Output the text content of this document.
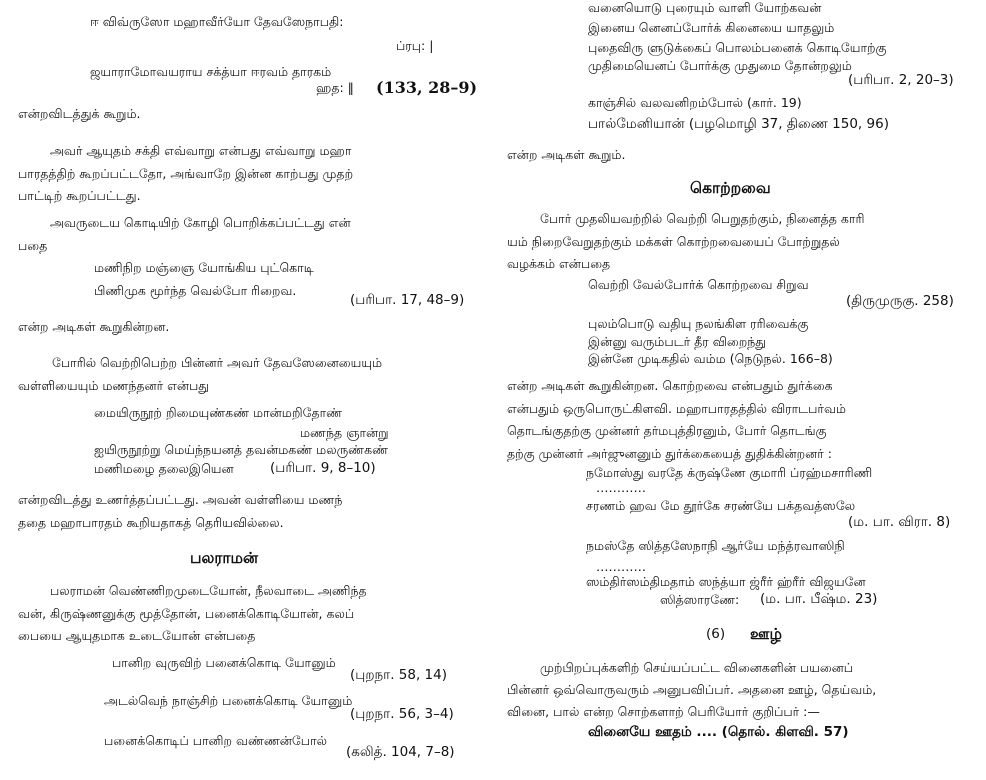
ஈ விவ்ருஸோ மஹாவீர்யோ தேவஸேநாபதி:
ப்ரபு: |
ஜயாராமோவயராய சக்த்யா ஈரவம் தாரகம்
ஹத: ‖ (133, 28–9)
என்றவிடத்துக் கூறும்.
அவர் ஆயுதம் சக்தி எவ்வாறு என்பது எவ்வாறு மஹா
பாரதத்திற் கூறப்பட்டதோ, அங்வாறே இன்ன காற்பது முதற்
பாட்டிற் கூறப்பட்டது.
அவருடைய கொடியிற் கோழி பொறிக்கப்பட்டது என்
பதை
மணிநிற மஞ்ஞை யோங்கிய புட்கொடி
பிணிமுக மூர்ந்த வெல்போ ரிறைவ.
(பரிபா. 17, 48–9)
என்ற அடிகள் கூறுகின்றன.
போரில் வெற்றிபெற்ற பின்னர் அவர் தேவஸேனையையும்
வள்ளியையும் மணந்தனர் என்பது
மையிருநூற் றிமையுண்கண் மான்மறிதோண்
மணந்த ஞான்று
ஐயிருநூற்று மெய்ந்நயனத் தவன்மகண் மலருண்கண்
மணிமழை தலைஇயென	(பரிபா. 9, 8–10)
என்றவிடத்து உணர்த்தப்பட்டது. அவன் வள்ளியை மணந்
ததை மஹாபாரதம் கூறியதாகத் தெரியவில்லை.
பலராமன்
பலராமன் வெண்ணிறமுடையோன், நீலவாடை அணிந்த
வன், கிருஷ்ணனுக்கு மூத்தோன், பனைக்கொடியோன், கலப்
பையை ஆயுதமாக உடையோன் என்பதை
பானிற வுருவிற் பனைக்கொடி யோனும்
(புறநா. 58, 14)
அடல்வெந் நாஞ்சிற் பனைக்கொடி யோனும்
(புறநா. 56, 3–4)
பனைக்கொடிப் பானிற வண்ணன்போல்
(கலித். 104, 7–8)
வனையொடு புரையும் வாளி யோற்கவன்
இனைய னெனப்போர்க் கினையை யாதலும்
புதைவிரு ளுடுக்கைப் பொலம்பனைக் கொடியோற்கு
முதிமையெனப் போர்க்கு முதுமை தோன்றலும்
(பரிபா. 2, 20–3)
காஞ்சில் வலவனிறம்போல் (கார். 19)
பால்மேனியான் (பழமொழி 37, திணை 150, 96)
என்ற அடிகள் கூறும்.
கொற்றவை
போர் முதலியவற்றில் வெற்றி பெறுதற்கும், நினைத்த காரி
யம் நிறைவேறுதற்கும் மக்கள் கொற்றவையைப் போற்றுதல்
வழக்கம் என்பதை
வெற்றி வேல்போர்க் கொற்றவை சிறுவ
(திருமுருகு. 258)
புலம்பொடு வதியு நலங்கிள ரரிவைக்கு
இன்னு வரும்படர் தீர விறைந்து
இன்னே முடிகதில் வம்ம (நெடுநல். 166–8)
என்ற அடிகள் கூறுகின்றன. கொற்றவை என்பதும் துர்க்கை
என்பதும் ஒருபொருட்கிளவி. மஹாபாரதத்தில் விராடபர்வம்
தொடங்குதற்கு முன்னர் தர்மபுத்திரனும், போர் தொடங்கு
தற்கு முன்னர் அர்ஜுனனும் துர்க்கையைத் துதிக்கின்றனர் :
நமோஸ்து வரதே க்ருஷ்ணே குமாரி ப்ரஹ்மசாரிணி
…………
சரணம் ஹவ மே தூர்கே சரண்யே பக்தவத்ஸலே
(ம. பா. விரா. 8)
நமஸ்தே ஸித்தஸேநாநி ஆர்யே மந்த்ரவாஸிநி
…………
ஸம்திர்ஸம்திமதாம் ஸந்த்யா ஜ்ரீர் ஹ்ரீர் விஜயனே
ஸித்ஸாரணே: (ம. பா. பீஷ்ம. 23)
(6) ஊழ்
முற்பிறப்புக்களிற் செய்யப்பட்ட வினைகளின் பயனைப்
பின்னர் ஒவ்வொருவரும் அனுபவிப்பர். அதனை ஊழ், தெய்வம்,
வினை, பால் என்ற சொற்களாற் பெரியோர் குறிப்பர் :—
வினையே ஊதம் .... (தொல். கிளவி. 57)
